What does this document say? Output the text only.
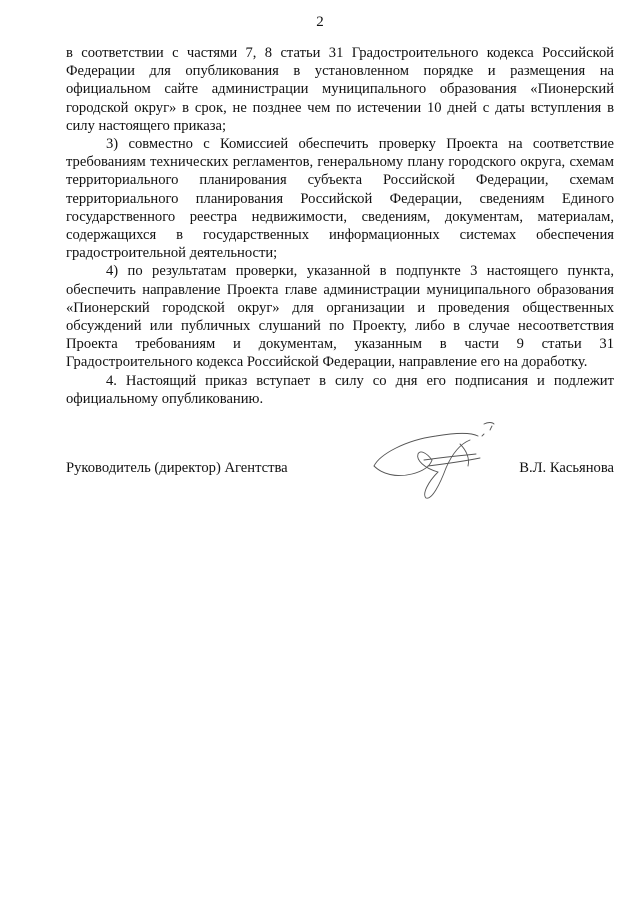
2

в соответствии с частями 7, 8 статьи 31 Градостроительного кодекса Российской Федерации для опубликования в установленном порядке и размещения на официальном сайте администрации муниципального образования «Пионерский городской округ» в срок, не позднее чем по истечении 10 дней с даты вступления в силу настоящего приказа;

3) совместно с Комиссией обеспечить проверку Проекта на соответствие требованиям технических регламентов, генеральному плану городского округа, схемам территориального планирования субъекта Российской Федерации, схемам территориального планирования Российской Федерации, сведениям Единого государственного реестра недвижимости, сведениям, документам, материалам, содержащихся в государственных информационных системах обеспечения градостроительной деятельности;

4) по результатам проверки, указанной в подпункте 3 настоящего пункта, обеспечить направление Проекта главе администрации муниципального образования «Пионерский городской округ» для организации и проведения общественных обсуждений или публичных слушаний по Проекту, либо в случае несоответствия Проекта требованиям и документам, указанным в части 9 статьи 31 Градостроительного кодекса Российской Федерации, направление его на доработку.

4. Настоящий приказ вступает в силу со дня его подписания и подлежит официальному опубликованию.

Руководитель (директор) Агентства	В.Л. Касьянова
